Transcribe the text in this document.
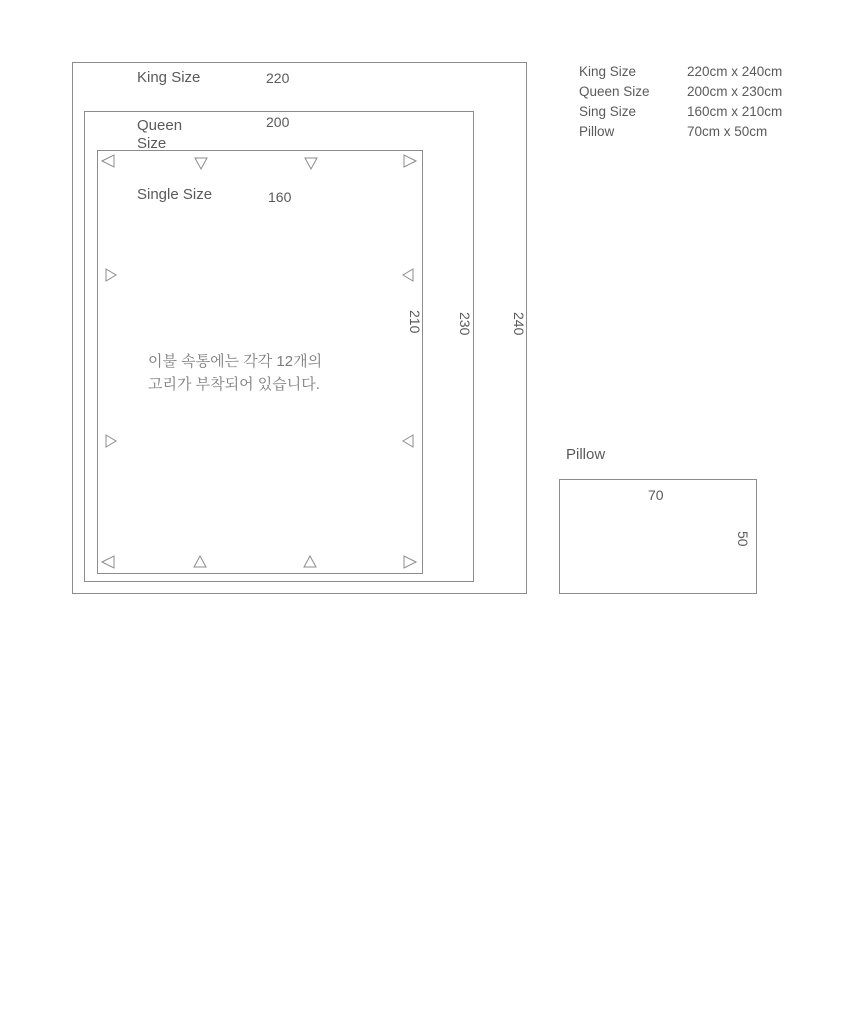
King Size
Queen
Size
Single Size
220
200
160
240
230
210
이불 속통에는 각각 12개의
고리가 부착되어 있습니다.
King Size	220cm x 240cm
Queen Size	200cm x 230cm
Sing Size	160cm x 210cm
Pillow	70cm x 50cm
Pillow
70
50
